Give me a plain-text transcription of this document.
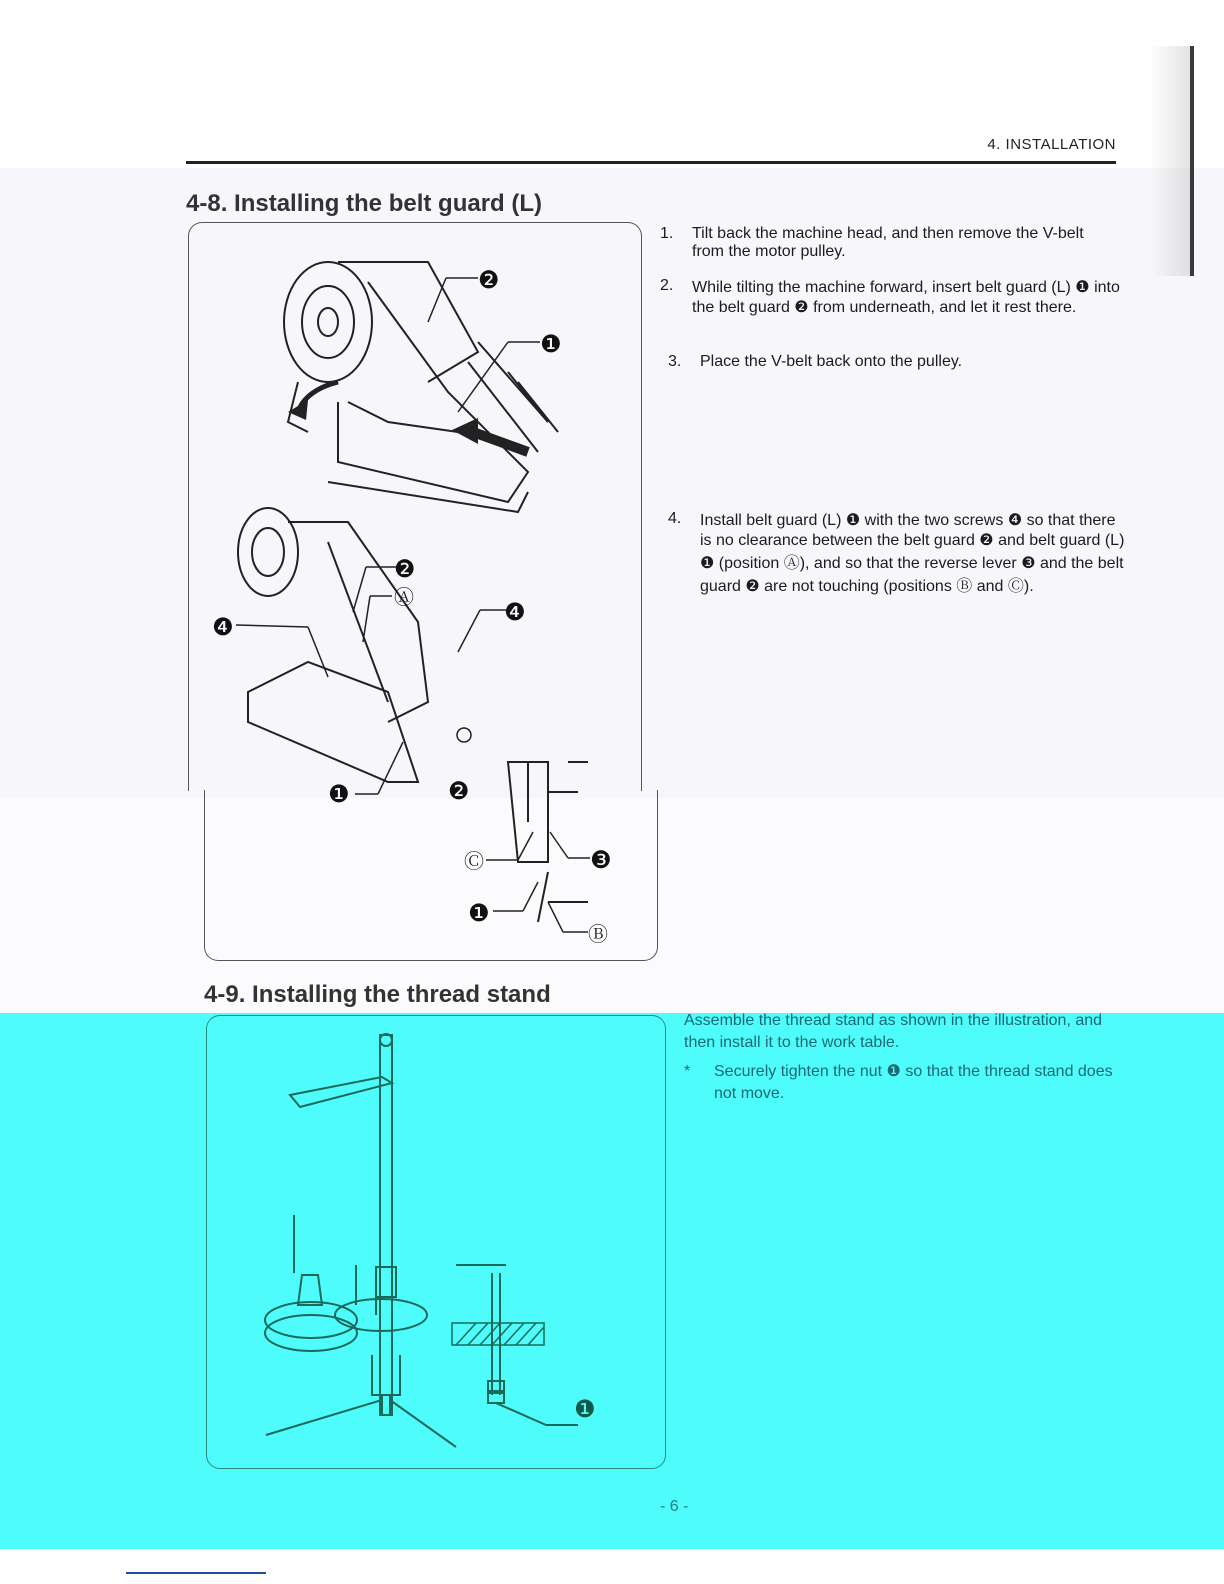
4. INSTALLATION
4-8. Installing the belt guard (L)
❷
❶
❷
Ⓐ
❹
❹
❷
❶
Ⓒ	❸
❶
Ⓑ
1. Tilt back the machine head, and then remove the V-belt from the motor pulley.
2. While tilting the machine forward, insert belt guard (L) ❶ into the belt guard ❷ from underneath, and let it rest there.
3. Place the V-belt back onto the pulley.
4. Install belt guard (L) ❶ with the two screws ❹ so that there is no clearance between the belt guard ❷ and belt guard (L) ❶ (position Ⓐ), and so that the reverse lever ❸ and the belt guard ❷ are not touching (positions Ⓑ and Ⓒ).
4-9. Installing the thread stand
❶

Assemble the thread stand as shown in the illustration, and then install it to the work table.

* Securely tighten the nut ❶ so that the thread stand does not move.
- 6 -
